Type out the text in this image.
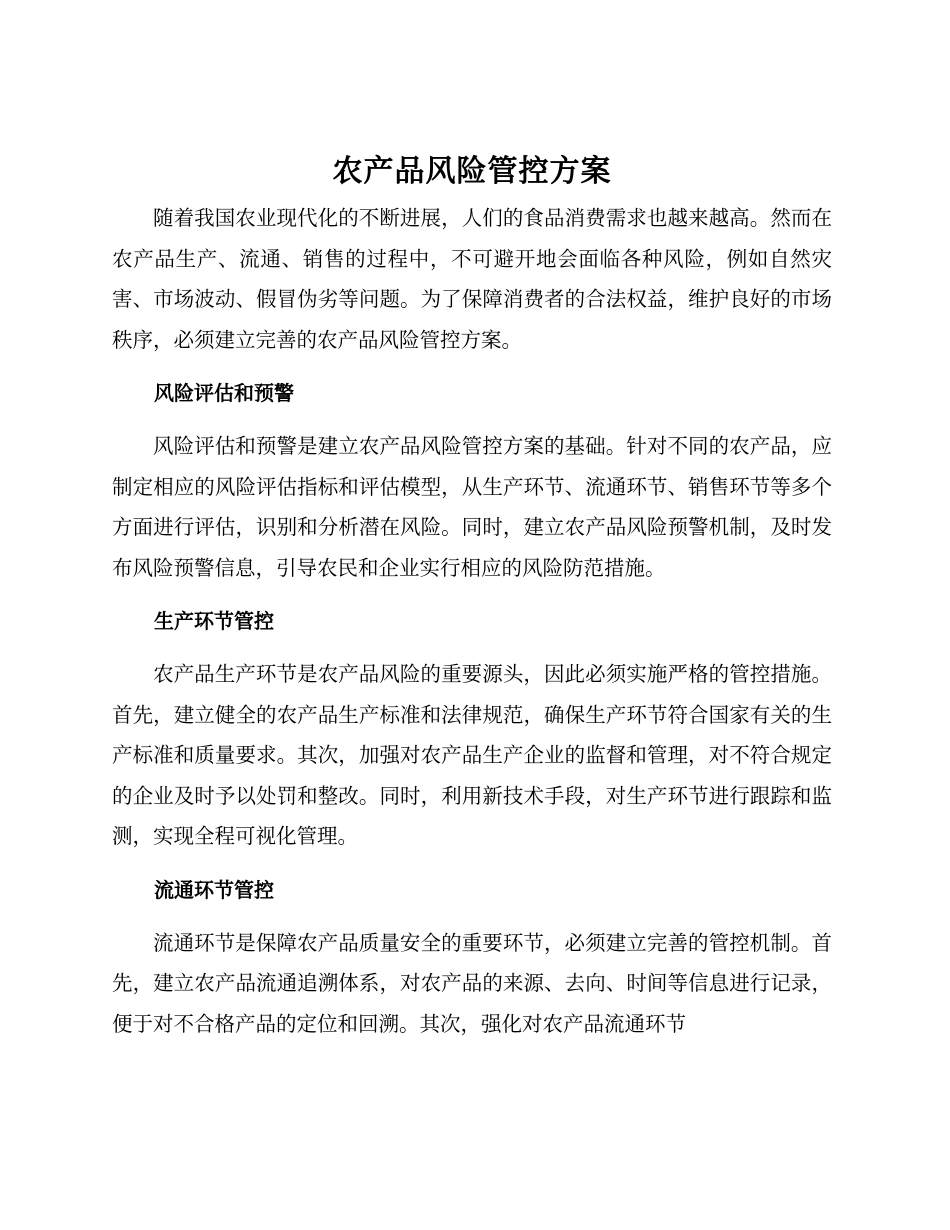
农产品风险管控方案

随着我国农业现代化的不断进展，人们的食品消费需求也越来越高。然而在农产品生产、流通、销售的过程中，不可避开地会面临各种风险，例如自然灾害、市场波动、假冒伪劣等问题。为了保障消费者的合法权益，维护良好的市场秩序，必须建立完善的农产品风险管控方案。

风险评估和预警

风险评估和预警是建立农产品风险管控方案的基础。针对不同的农产品，应制定相应的风险评估指标和评估模型，从生产环节、流通环节、销售环节等多个方面进行评估，识别和分析潜在风险。同时，建立农产品风险预警机制，及时发布风险预警信息，引导农民和企业实行相应的风险防范措施。

生产环节管控

农产品生产环节是农产品风险的重要源头，因此必须实施严格的管控措施。首先，建立健全的农产品生产标准和法律规范，确保生产环节符合国家有关的生产标准和质量要求。其次，加强对农产品生产企业的监督和管理，对不符合规定的企业及时予以处罚和整改。同时，利用新技术手段，对生产环节进行跟踪和监测，实现全程可视化管理。

流通环节管控

流通环节是保障农产品质量安全的重要环节，必须建立完善的管控机制。首先，建立农产品流通追溯体系，对农产品的来源、去向、时间等信息进行记录，便于对不合格产品的定位和回溯。其次，强化对农产品流通环节
